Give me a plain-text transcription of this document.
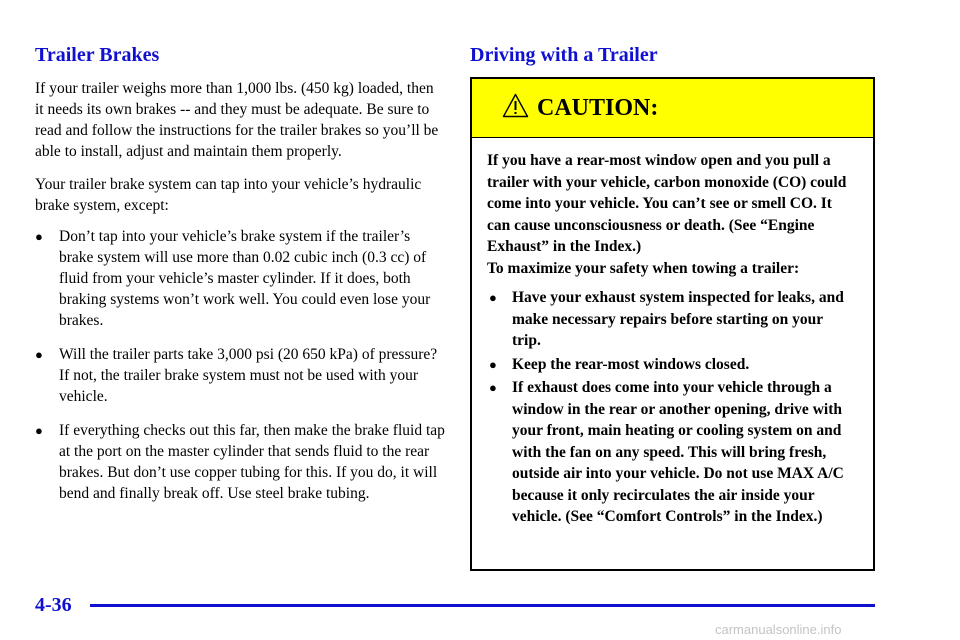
Trailer Brakes

If your trailer weighs more than 1,000 lbs. (450 kg) loaded, then it needs its own brakes -- and they must be adequate. Be sure to read and follow the instructions for the trailer brakes so you’ll be able to install, adjust and maintain them properly.

Your trailer brake system can tap into your vehicle’s hydraulic brake system, except:

● Don’t tap into your vehicle’s brake system if the trailer’s brake system will use more than 0.02 cubic inch (0.3 cc) of fluid from your vehicle’s master cylinder. If it does, both braking systems won’t work well. You could even lose your brakes.
● Will the trailer parts take 3,000 psi (20 650 kPa) of pressure? If not, the trailer brake system must not be used with your vehicle.
● If everything checks out this far, then make the brake fluid tap at the port on the master cylinder that sends fluid to the rear brakes. But don’t use copper tubing for this. If you do, it will bend and finally break off. Use steel brake tubing.
Driving with a Trailer
CAUTION:

If you have a rear-most window open and you pull a trailer with your vehicle, carbon monoxide (CO) could come into your vehicle. You can’t see or smell CO. It can cause unconsciousness or death. (See “Engine Exhaust” in the Index.)

To maximize your safety when towing a trailer:

● Have your exhaust system inspected for leaks, and make necessary repairs before starting on your trip.
● Keep the rear-most windows closed.
● If exhaust does come into your vehicle through a window in the rear or another opening, drive with your front, main heating or cooling system on and with the fan on any speed. This will bring fresh, outside air into your vehicle. Do not use MAX A/C because it only recirculates the air inside your vehicle. (See “Comfort Controls” in the Index.)
4-36
carmanualsonline.info
